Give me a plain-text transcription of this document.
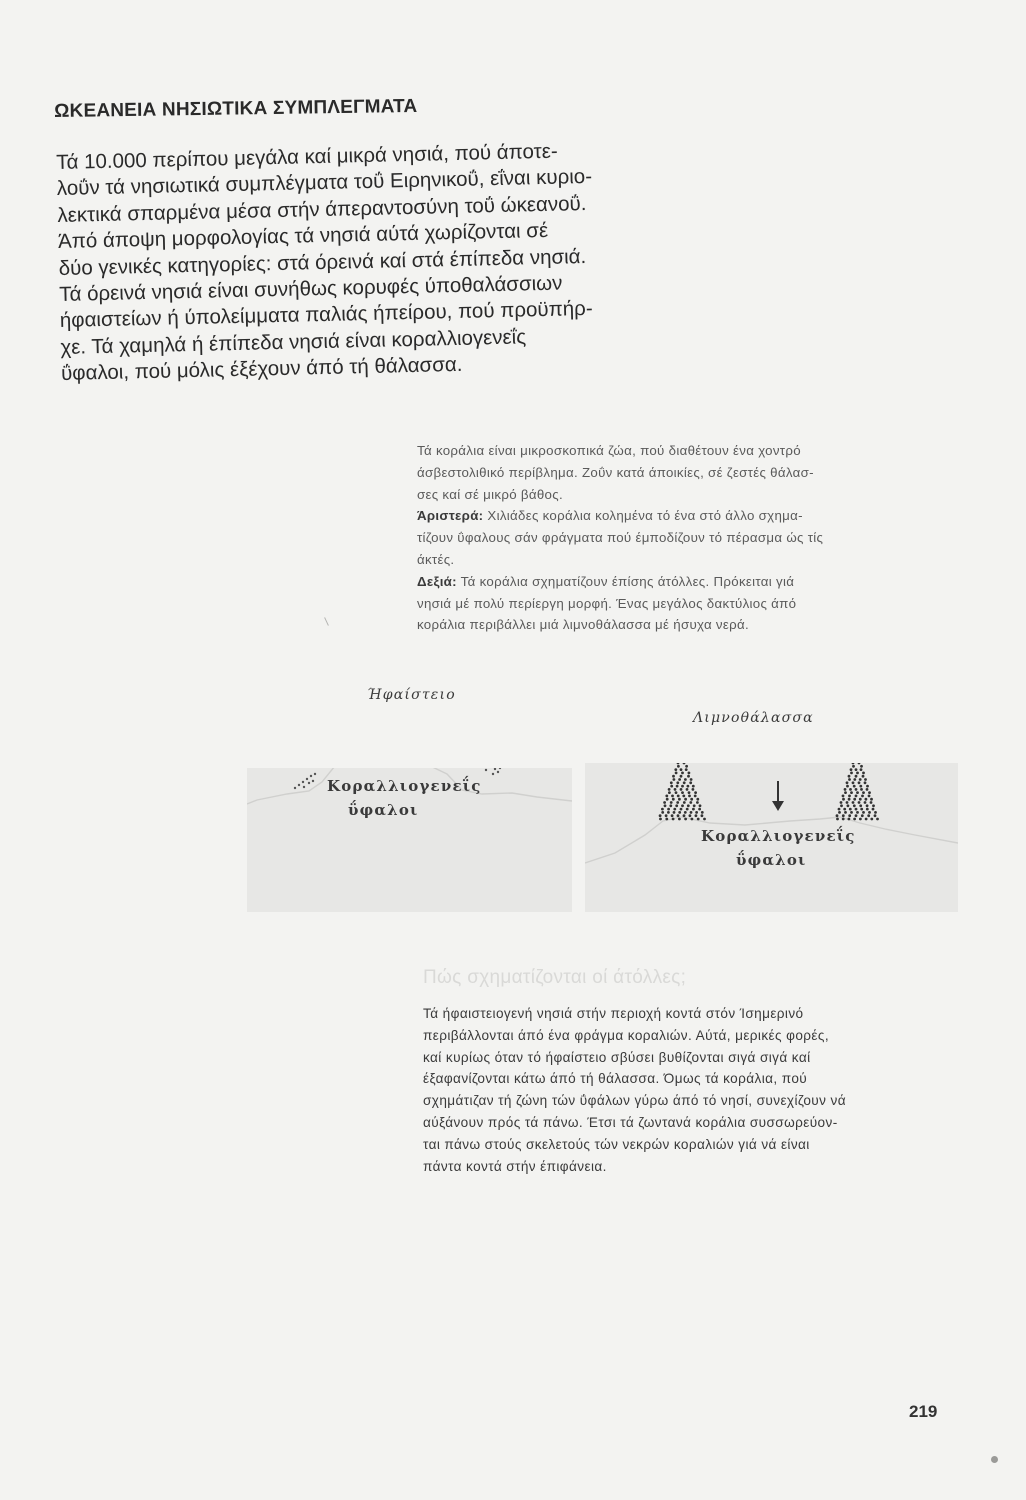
ΩΚΕΑΝΕΙΑ ΝΗΣΙΩΤΙΚΑ ΣΥΜΠΛΕΓΜΑΤΑ
Τά 10.000 περίπου μεγάλα καί μικρά νησιά, πού άποτε-
λοΰν τά νησιωτικά συμπλέγματα τοΰ Ειρηνικοΰ, εΐναι κυριο-
λεκτικά σπαρμένα μέσα στήν άπεραντοσύνη τοΰ ώκεανοΰ.
Άπό άποψη μορφολογίας τά νησιά αύτά χωρίζονται σέ
δύο γενικές κατηγορίες: στά όρεινά καί στά έπίπεδα νησιά.
Τά όρεινά νησιά είναι συνήθως κορυφές ύποθαλάσσιων
ήφαιστείων ή ύπολείμματα παλιάς ήπείρου, πού προϋπήρ-
χε. Τά χαμηλά ή έπίπεδα νησιά είναι κοραλλιογενεΐς
ΰφαλοι, πού μόλις έξέχουν άπό τή θάλασσα.
Τά κοράλια είναι μικροσκοπικά ζώα, πού διαθέτουν ένα χοντρό
άσβεστολιθικό περίβλημα. Ζοΰν κατά άποικίες, σέ ζεστές θάλασ-
σες καί σέ μικρό βάθος.
Άριστερά: Χιλιάδες κοράλια κολημένα τό ένα στό άλλο σχημα-
τίζουν ΰφαλους σάν φράγματα πού έμποδίζουν τό πέρασμα ώς τίς
άκτές.
Δεξιά: Τά κοράλια σχηματίζουν έπίσης άτόλλες. Πρόκειται γιά
νησιά μέ πολύ περίεργη μορφή. Ένας μεγάλος δακτύλιος άπό
κοράλια περιβάλλει μιά λιμνοθάλασσα μέ ήσυχα νερά.
Ήφαίστειο
Κοραλλιογενεΐς
ΰφαλοι
Λιμνοθάλασσα
Κοραλλιογενεΐς
ΰφαλοι
Πώς σχηματίζονται οί άτόλλες;
Τά ήφαιστειογενή νησιά στήν περιοχή κοντά στόν Ίσημερινό
περιβάλλονται άπό ένα φράγμα κοραλιών. Αύτά, μερικές φορές,
καί κυρίως όταν τό ήφαίστειο σβύσει βυθίζονται σιγά σιγά καί
έξαφανίζονται κάτω άπό τή θάλασσα. Όμως τά κοράλια, πού
σχημάτιζαν τή ζώνη τών ΰφάλων γύρω άπό τό νησί, συνεχίζουν νά
αύξάνουν πρός τά πάνω. Έτσι τά ζωντανά κοράλια συσσωρεύον-
ται πάνω στούς σκελετούς τών νεκρών κοραλιών γιά νά είναι
πάντα κοντά στήν έπιφάνεια.
219
